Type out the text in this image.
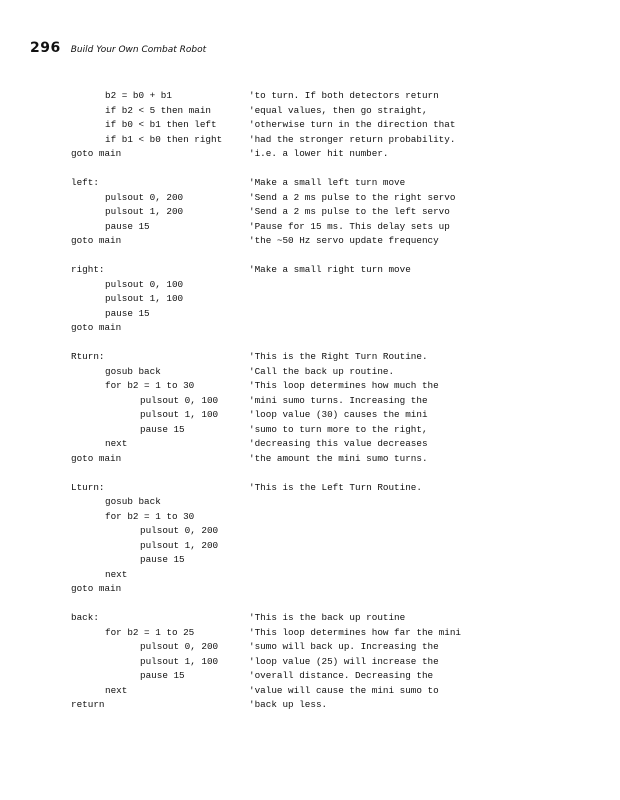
296 Build Your Own Combat Robot
b2 = b0 + b1	'to turn. If both detectors return
if b2 < 5 then main	'equal values, then go straight,
if b0 < b1 then left	'otherwise turn in the direction that
if b1 < b0 then right	'had the stronger return probability.
goto main	'i.e. a lower hit number.
left:	'Make a small left turn move
pulsout 0, 200	'Send a 2 ms pulse to the right servo
pulsout 1, 200	'Send a 2 ms pulse to the left servo
pause 15	'Pause for 15 ms. This delay sets up
goto main	'the ~50 Hz servo update frequency
right:	'Make a small right turn move
pulsout 0, 100
pulsout 1, 100
pause 15
goto main
Rturn:	'This is the Right Turn Routine.
gosub back	'Call the back up routine.
for b2 = 1 to 30	'This loop determines how much the
pulsout 0, 100	'mini sumo turns. Increasing the
pulsout 1, 100	'loop value (30) causes the mini
pause 15	'sumo to turn more to the right,
next	'decreasing this value decreases
goto main	'the amount the mini sumo turns.
Lturn:	'This is the Left Turn Routine.
gosub back
for b2 = 1 to 30
pulsout 0, 200
pulsout 1, 200
pause 15
next
goto main
back:	'This is the back up routine
for b2 = 1 to 25	'This loop determines how far the mini
pulsout 0, 200	'sumo will back up. Increasing the
pulsout 1, 100	'loop value (25) will increase the
pause 15	'overall distance. Decreasing the
next	'value will cause the mini sumo to
return	'back up less.
